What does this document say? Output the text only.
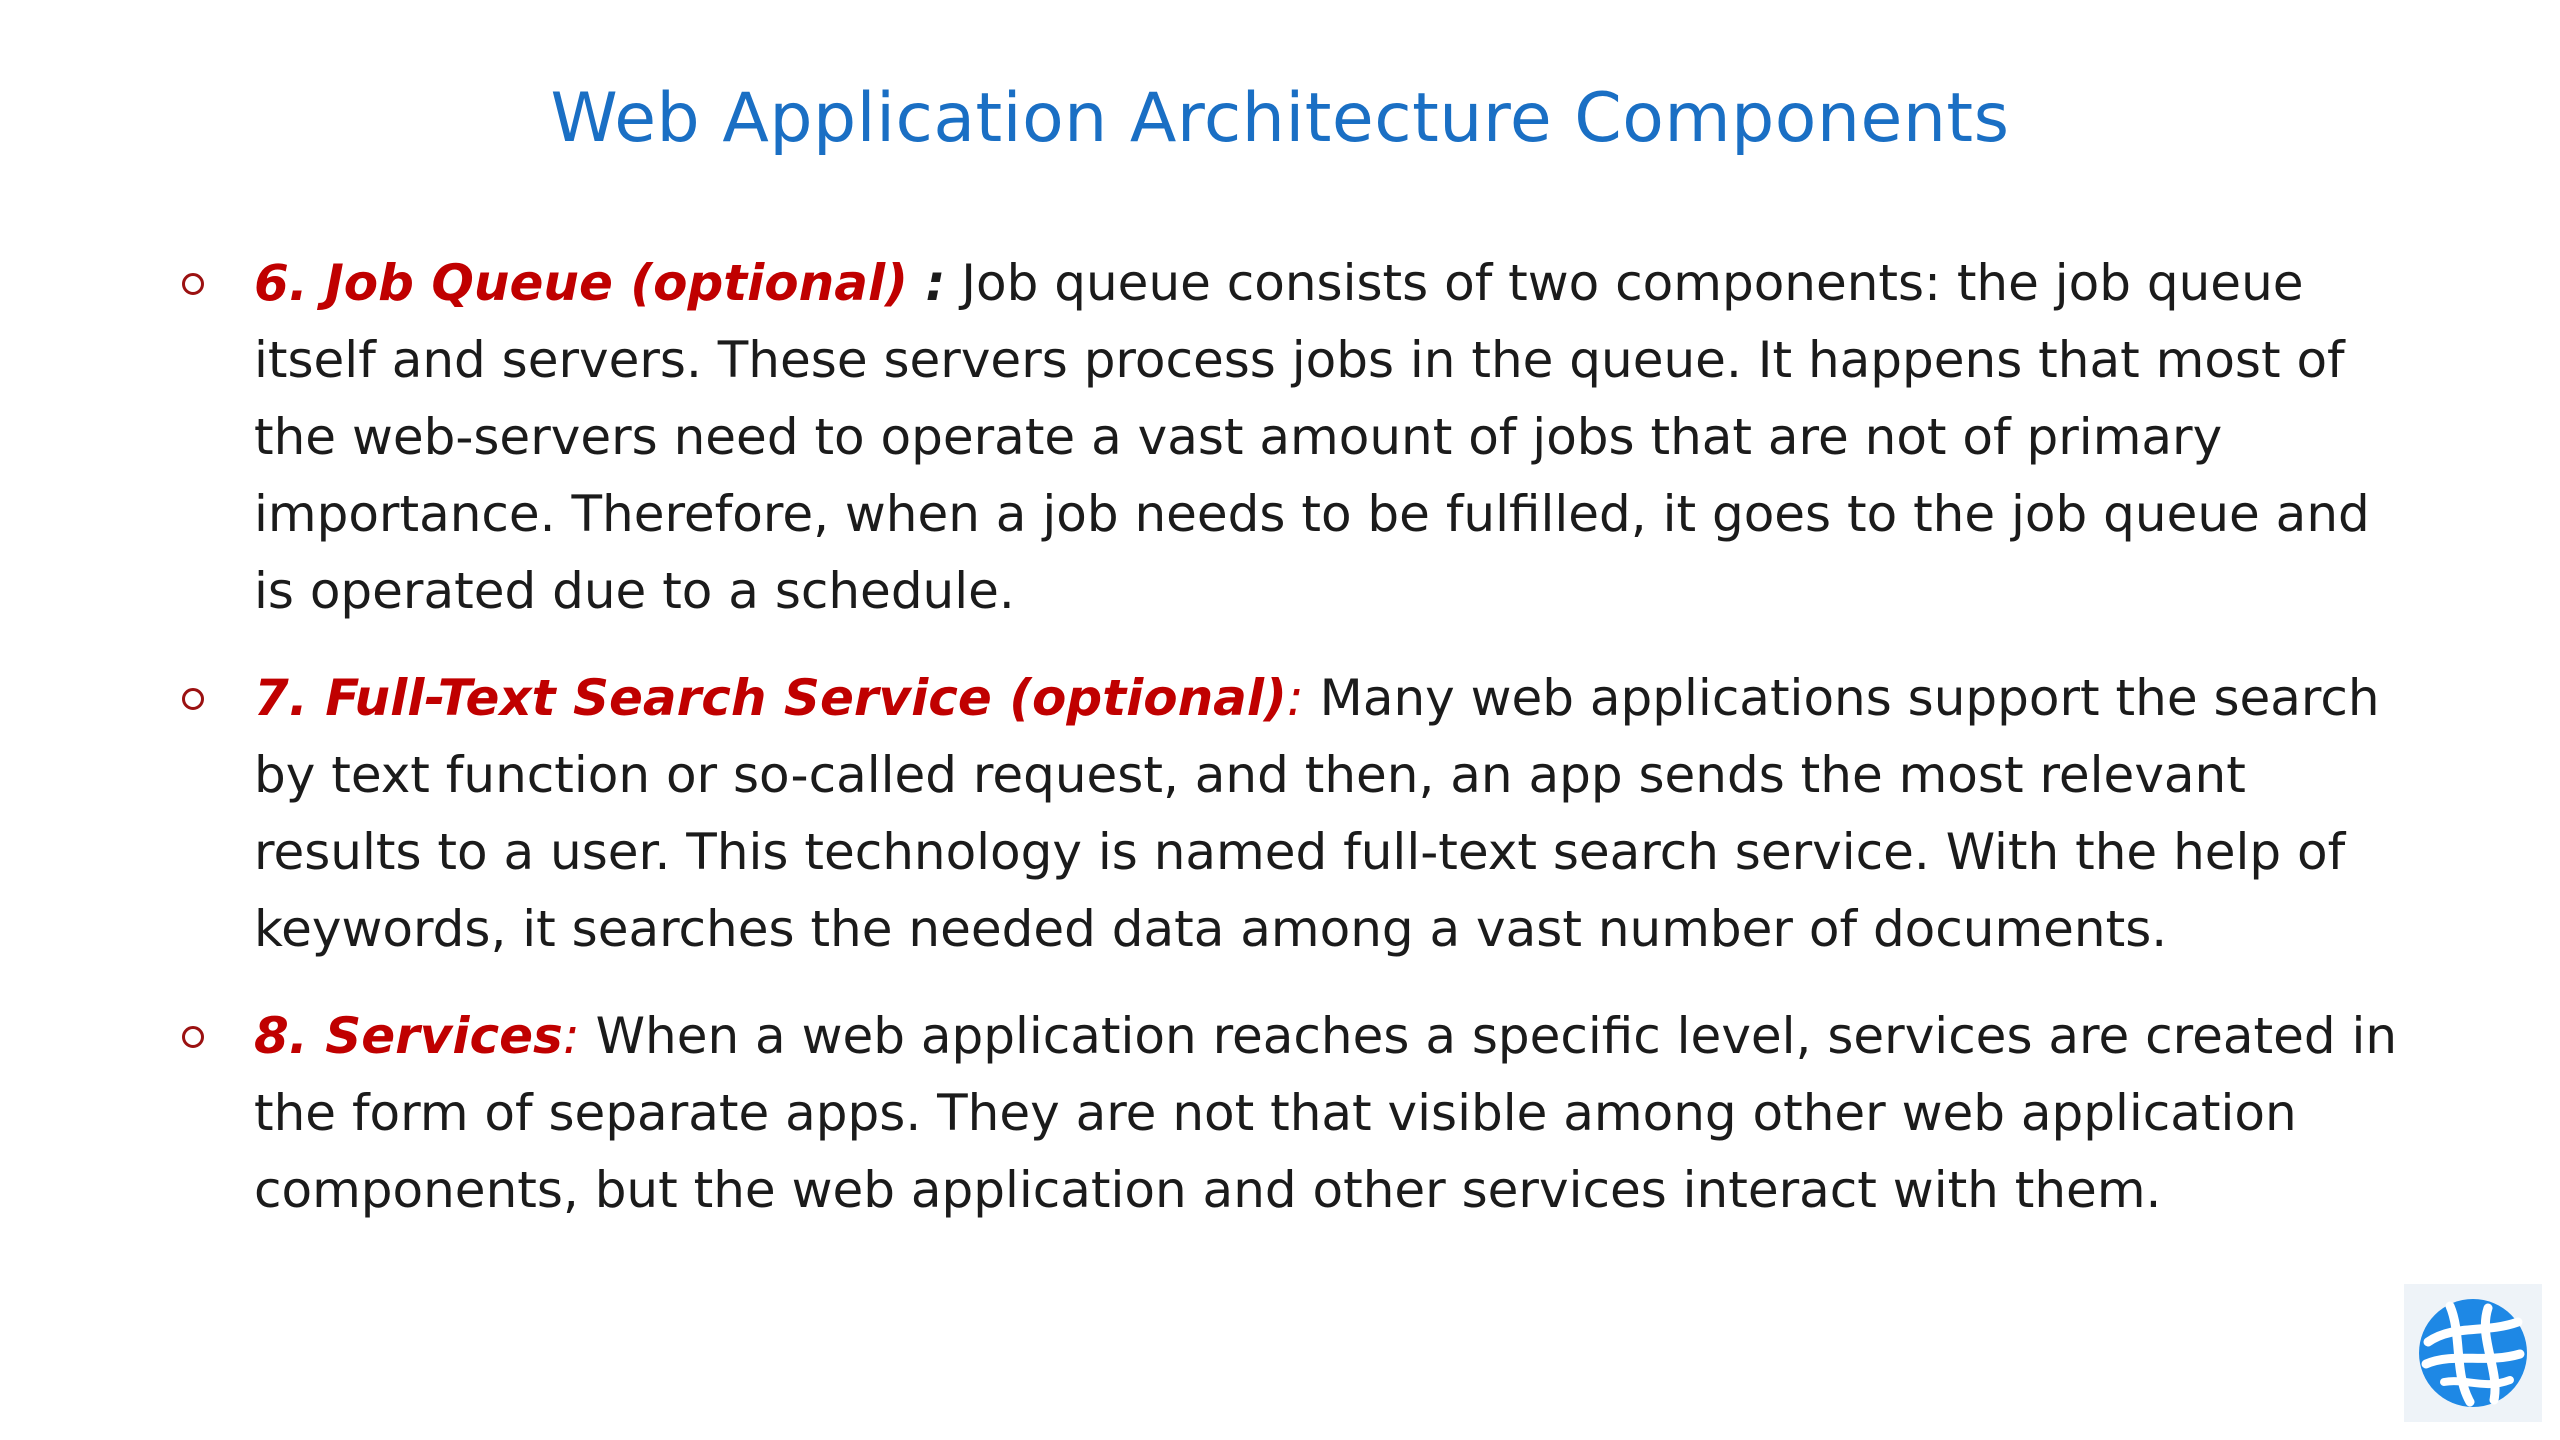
Web Application Architecture Components
6. Job Queue (optional) : Job queue consists of two components: the job queue itself and servers. These servers process jobs in the queue. It happens that most of the web-servers need to operate a vast amount of jobs that are not of primary importance. Therefore, when a job needs to be fulfilled, it goes to the job queue and is operated due to a schedule.
7. Full-Text Search Service (optional): Many web applications support the search by text function or so-called request, and then, an app sends the most relevant results to a user. This technology is named full-text search service. With the help of keywords, it searches the needed data among a vast number of documents.
8. Services: When a web application reaches a specific level, services are created in the form of separate apps. They are not that visible among other web application components, but the web application and other services interact with them.
